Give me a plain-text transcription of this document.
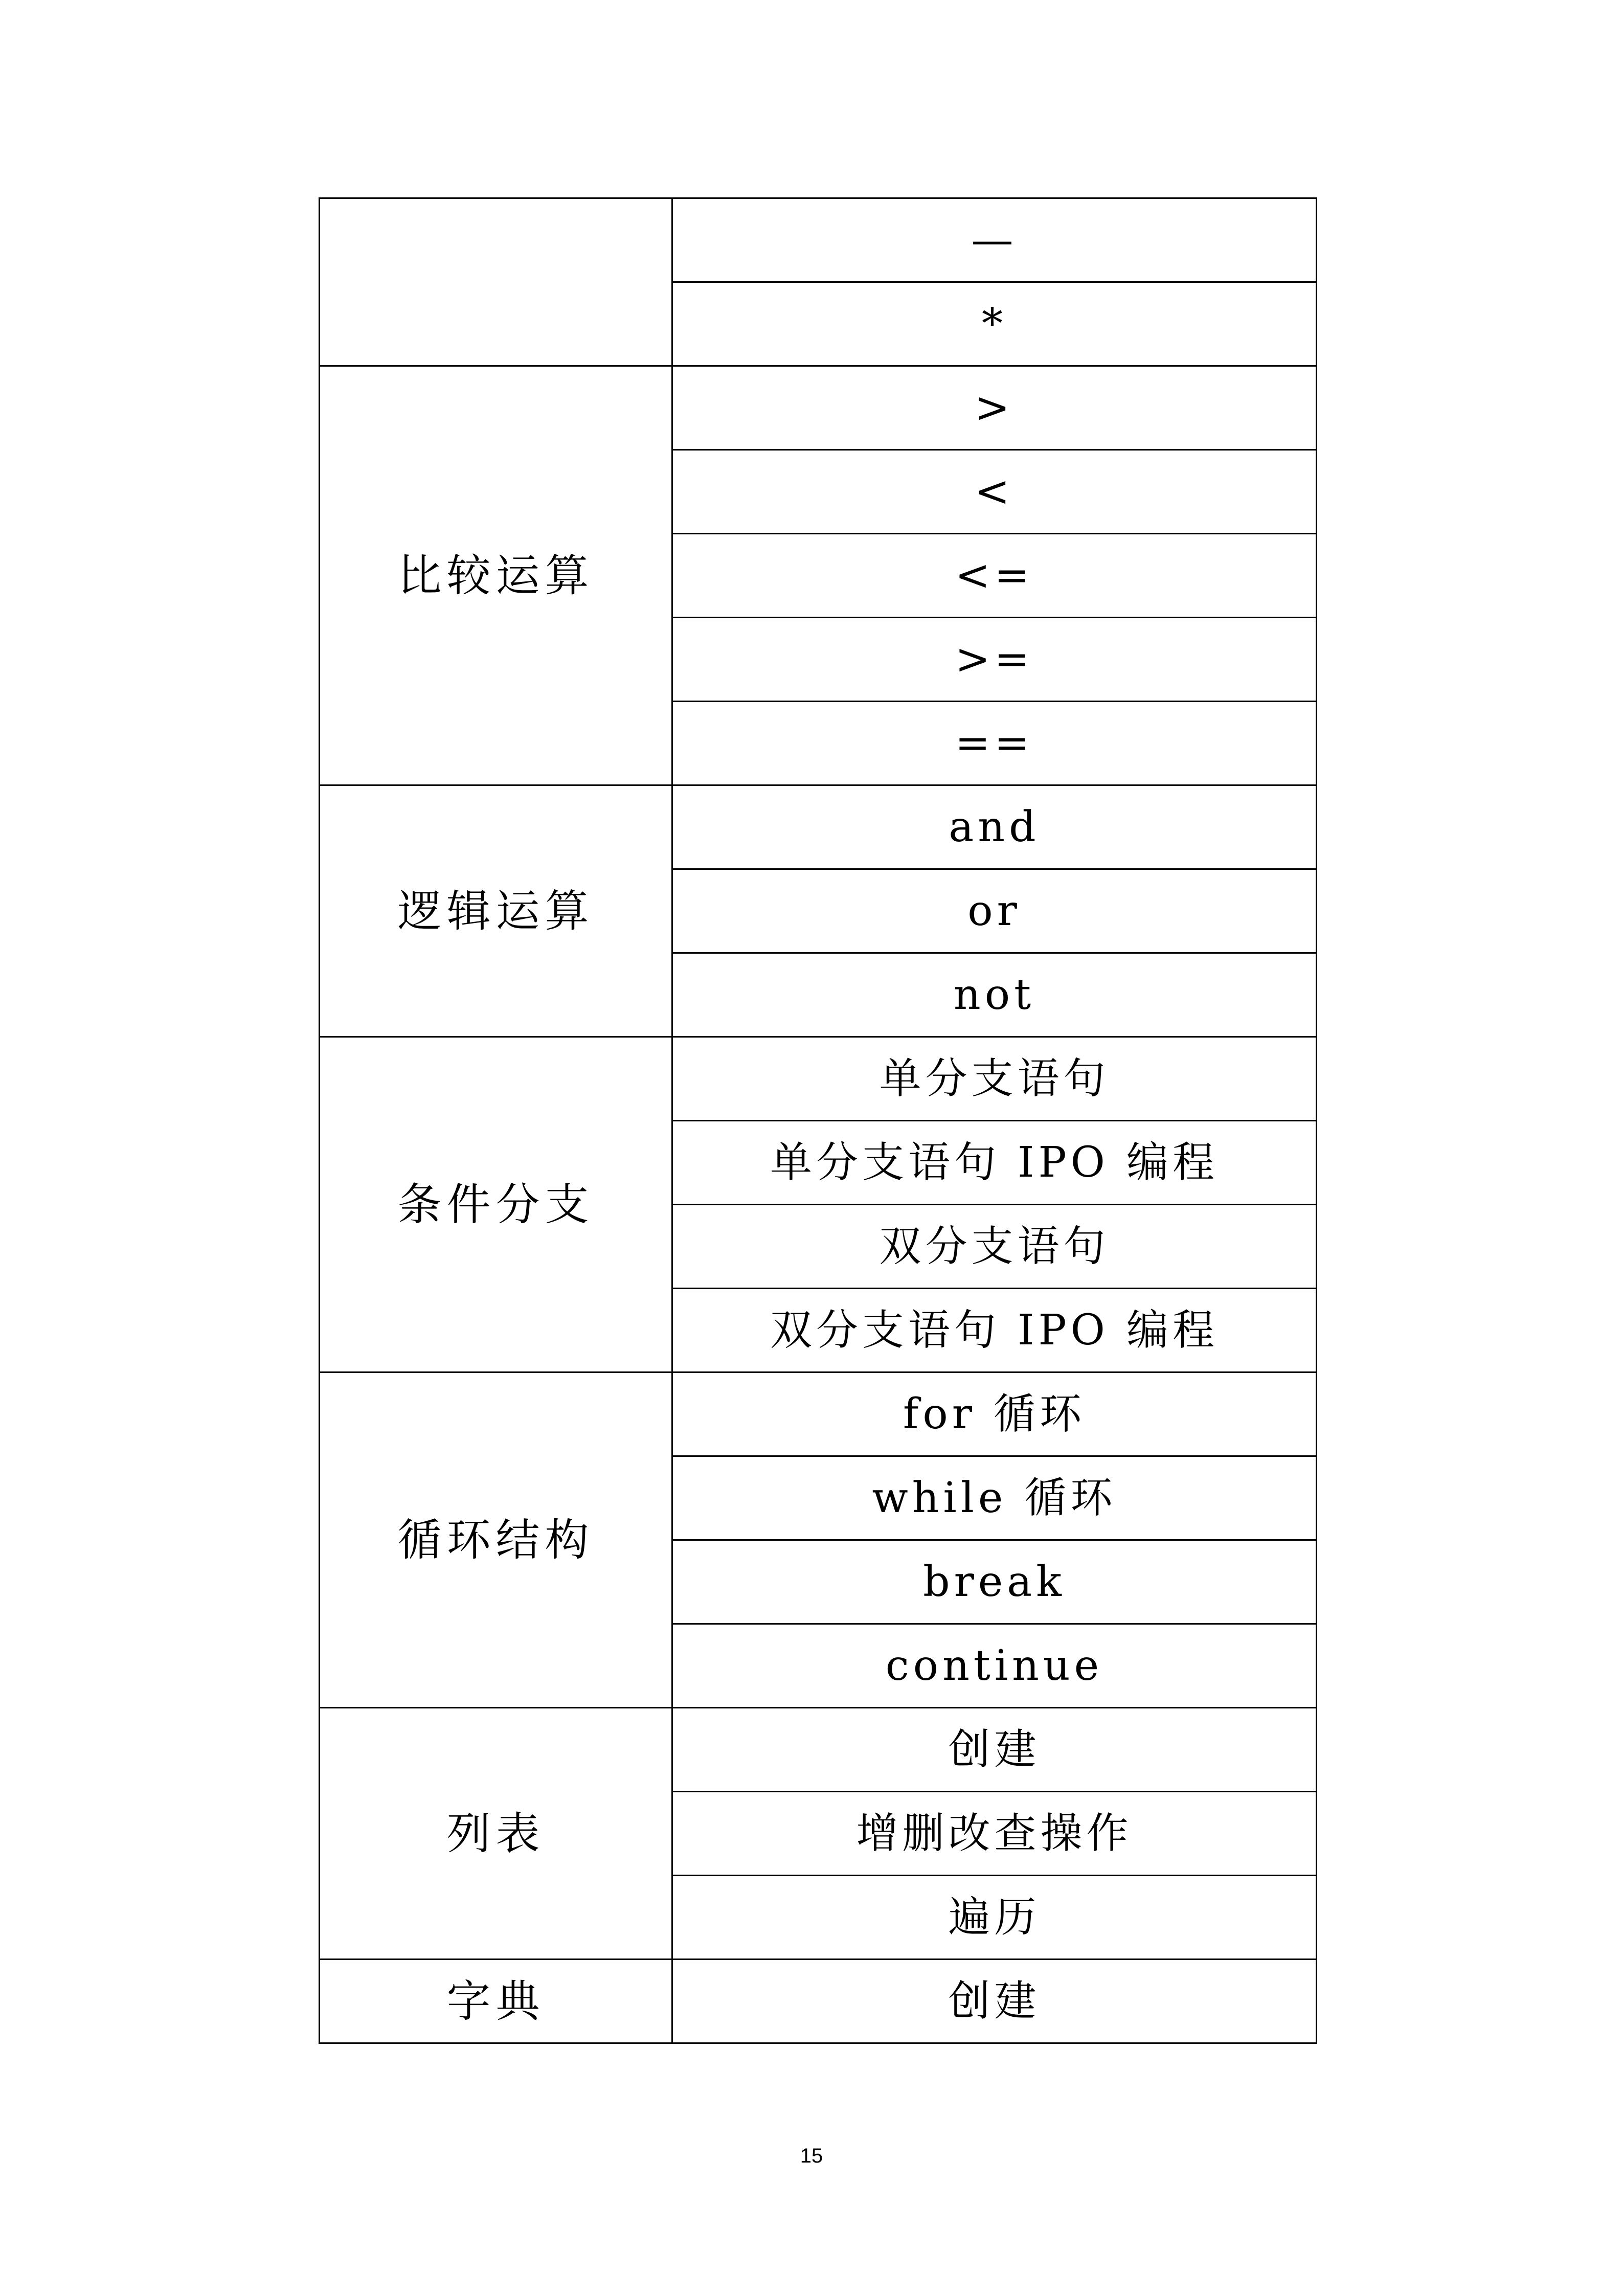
	—
	*
比较运算	>
	<
	<=
	>=
	==
逻辑运算	and
	or
	not
条件分支	单分支语句
	单分支语句 IPO 编程
	双分支语句
	双分支语句 IPO 编程
循环结构	for 循环
	while 循环
	break
	continue
列表	创建
	增删改查操作
	遍历
字典	创建
15
